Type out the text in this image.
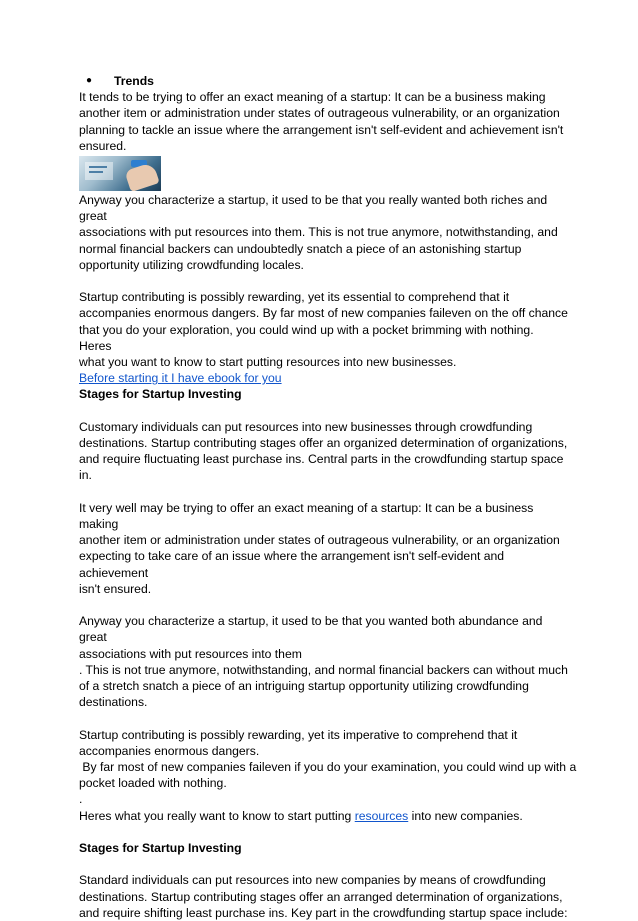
● Trends

It tends to be trying to offer an exact meaning of a startup: It can be a business making
another item or administration under states of outrageous vulnerability, or an organization
planning to tackle an issue where the arrangement isn't self-evident and achievement isn't
ensured.

Anyway you characterize a startup, it used to be that you really wanted both riches and great
associations with put resources into them. This is not true anymore, notwithstanding, and
normal financial backers can undoubtedly snatch a piece of an astonishing startup
opportunity utilizing crowdfunding locales.

Startup contributing is possibly rewarding, yet its essential to comprehend that it
accompanies enormous dangers. By far most of new companies faileven on the off chance
that you do your exploration, you could wind up with a pocket brimming with nothing. Heres
what you want to know to start putting resources into new businesses.

Before starting it I have ebook for you

Stages for Startup Investing

Customary individuals can put resources into new businesses through crowdfunding
destinations. Startup contributing stages offer an organized determination of organizations,
and require fluctuating least purchase ins. Central parts in the crowdfunding startup space
in.

It very well may be trying to offer an exact meaning of a startup: It can be a business making
another item or administration under states of outrageous vulnerability, or an organization
expecting to take care of an issue where the arrangement isn't self-evident and achievement
isn't ensured.

Anyway you characterize a startup, it used to be that you wanted both abundance and great
associations with put resources into them
. This is not true anymore, notwithstanding, and normal financial backers can without much
of a stretch snatch a piece of an intriguing startup opportunity utilizing crowdfunding
destinations.

Startup contributing is possibly rewarding, yet its imperative to comprehend that it
accompanies enormous dangers.
By far most of new companies faileven if you do your examination, you could wind up with a
pocket loaded with nothing.
.

Heres what you really want to know to start putting resources into new companies.

Stages for Startup Investing

Standard individuals can put resources into new companies by means of crowdfunding
destinations. Startup contributing stages offer an arranged determination of organizations,
and require shifting least purchase ins. Key part in the crowdfunding startup space include:
